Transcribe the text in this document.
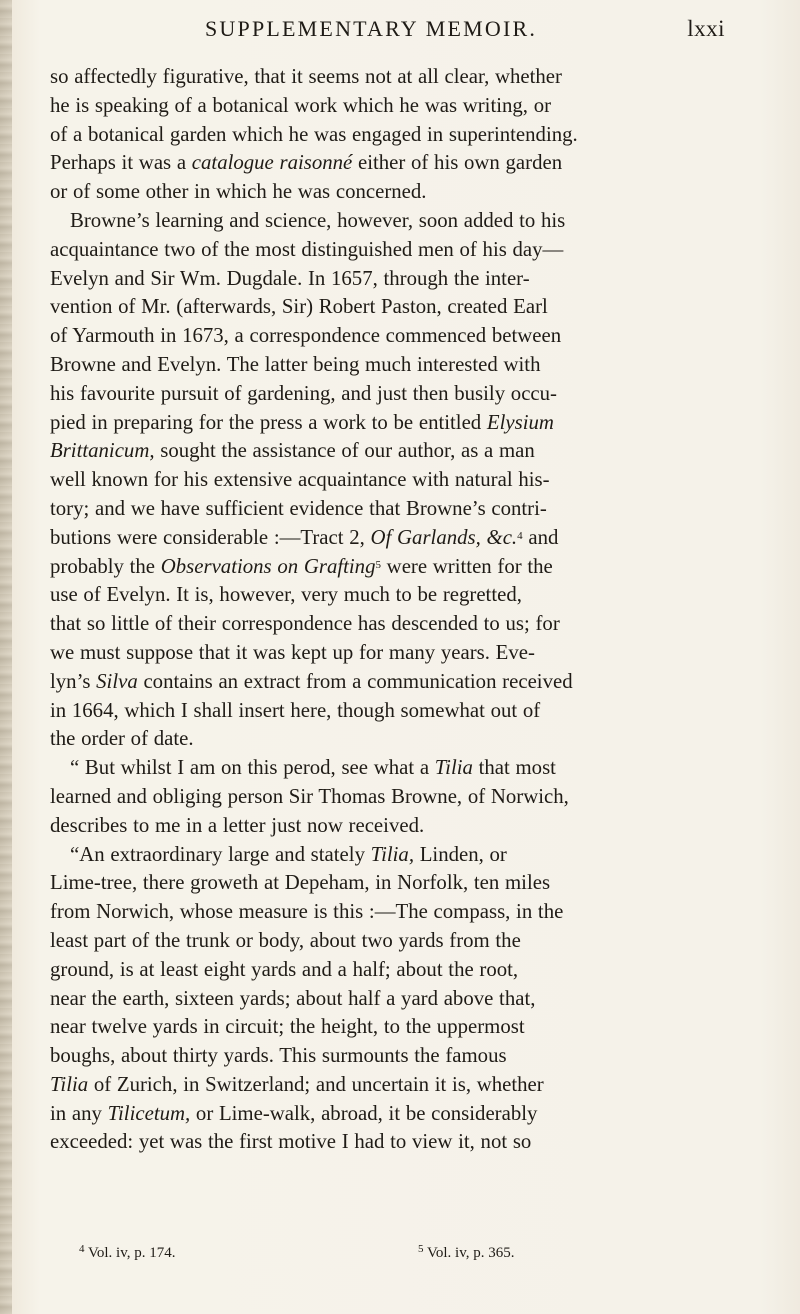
SUPPLEMENTARY MEMOIR.	lxxi
so affectedly figurative, that it seems not at all clear, whether
he is speaking of a botanical work which he was writing, or
of a botanical garden which he was engaged in superintending.
Perhaps it was a catalogue raisonné either of his own garden
or of some other in which he was concerned.
Browne’s learning and science, however, soon added to his
acquaintance two of the most distinguished men of his day—
Evelyn and Sir Wm. Dugdale. In 1657, through the inter-
vention of Mr. (afterwards, Sir) Robert Paston, created Earl
of Yarmouth in 1673, a correspondence commenced between
Browne and Evelyn. The latter being much interested with
his favourite pursuit of gardening, and just then busily occu-
pied in preparing for the press a work to be entitled Elysium
Brittanicum, sought the assistance of our author, as a man
well known for his extensive acquaintance with natural his-
tory; and we have sufficient evidence that Browne’s contri-
butions were considerable :—Tract 2, Of Garlands, &c.$^4$ and
probably the Observations on Grafting$^5$ were written for the
use of Evelyn. It is, however, very much to be regretted,
that so little of their correspondence has descended to us; for
we must suppose that it was kept up for many years. Eve-
lyn’s Silva contains an extract from a communication received
in 1664, which I shall insert here, though somewhat out of
the order of date.
“ But whilst I am on this perod, see what a Tilia that most
learned and obliging person Sir Thomas Browne, of Norwich,
describes to me in a letter just now received.
“An extraordinary large and stately Tilia, Linden, or
Lime-tree, there groweth at Depeham, in Norfolk, ten miles
from Norwich, whose measure is this :—The compass, in the
least part of the trunk or body, about two yards from the
ground, is at least eight yards and a half; about the root,
near the earth, sixteen yards; about half a yard above that,
near twelve yards in circuit; the height, to the uppermost
boughs, about thirty yards. This surmounts the famous
Tilia of Zurich, in Switzerland; and uncertain it is, whether
in any Tilicetum, or Lime-walk, abroad, it be considerably
exceeded: yet was the first motive I had to view it, not so
$^4$ Vol. iv, p. 174.	$^5$ Vol. iv, p. 365.
